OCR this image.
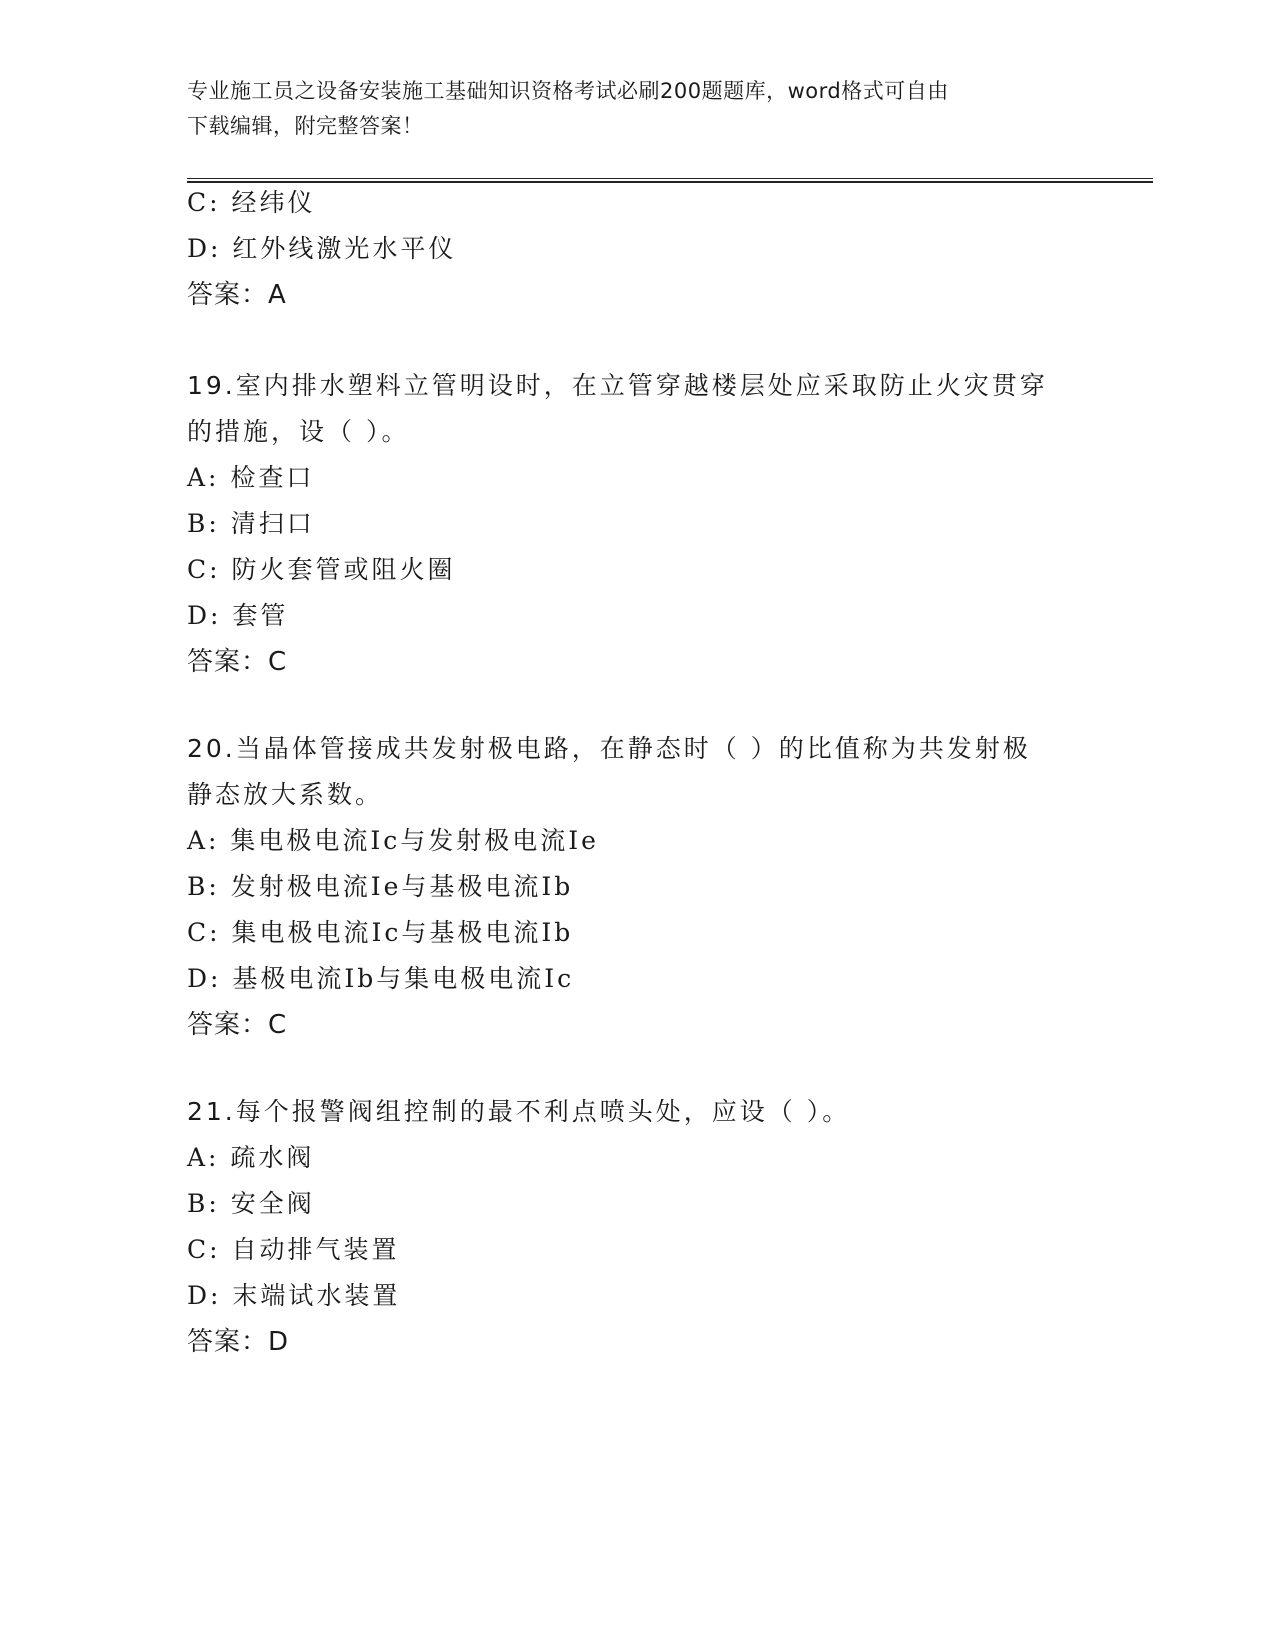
专业施工员之设备安装施工基础知识资格考试必刷200题题库，word格式可自由
下载编辑，附完整答案！
C: 经纬仪
D: 红外线激光水平仪
答案：A
19.室内排水塑料立管明设时，在立管穿越楼层处应采取防止火灾贯穿
的措施，设（ ）。
A: 检查口
B: 清扫口
C: 防火套管或阻火圈
D: 套管
答案：C
20.当晶体管接成共发射极电路，在静态时（ ）的比值称为共发射极
静态放大系数。
A: 集电极电流Ic与发射极电流Ie
B: 发射极电流Ie与基极电流Ib
C: 集电极电流Ic与基极电流Ib
D: 基极电流Ib与集电极电流Ic
答案：C
21.每个报警阀组控制的最不利点喷头处，应设（ ）。
A: 疏水阀
B: 安全阀
C: 自动排气装置
D: 末端试水装置
答案：D
